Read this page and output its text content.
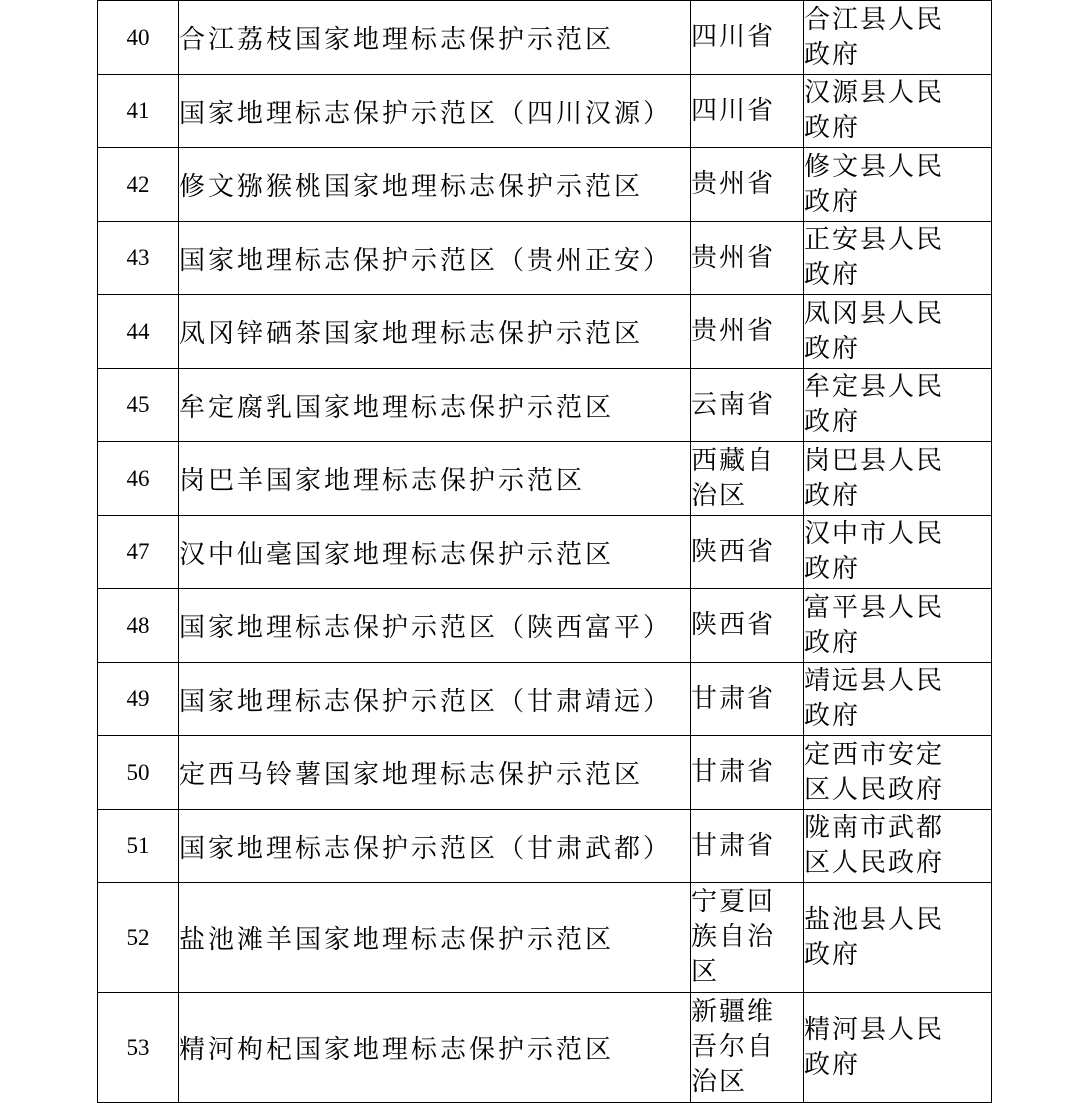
40	合江荔枝国家地理标志保护示范区	四川省	合江县人民政府

41	国家地理标志保护示范区（四川汉源）	四川省	汉源县人民政府

42	修文猕猴桃国家地理标志保护示范区	贵州省	修文县人民政府

43	国家地理标志保护示范区（贵州正安）	贵州省	正安县人民政府

44	凤冈锌硒茶国家地理标志保护示范区	贵州省	凤冈县人民政府

45	牟定腐乳国家地理标志保护示范区	云南省	牟定县人民政府

46	岗巴羊国家地理标志保护示范区	西藏自治区	岗巴县人民政府

47	汉中仙毫国家地理标志保护示范区	陕西省	汉中市人民政府

48	国家地理标志保护示范区（陕西富平）	陕西省	富平县人民政府

49	国家地理标志保护示范区（甘肃靖远）	甘肃省	靖远县人民政府

50	定西马铃薯国家地理标志保护示范区	甘肃省	定西市安定区人民政府

51	国家地理标志保护示范区（甘肃武都）	甘肃省	陇南市武都区人民政府

52	盐池滩羊国家地理标志保护示范区	宁夏回族自治区	盐池县人民政府

53	精河枸杞国家地理标志保护示范区	新疆维吾尔自治区	精河县人民政府
